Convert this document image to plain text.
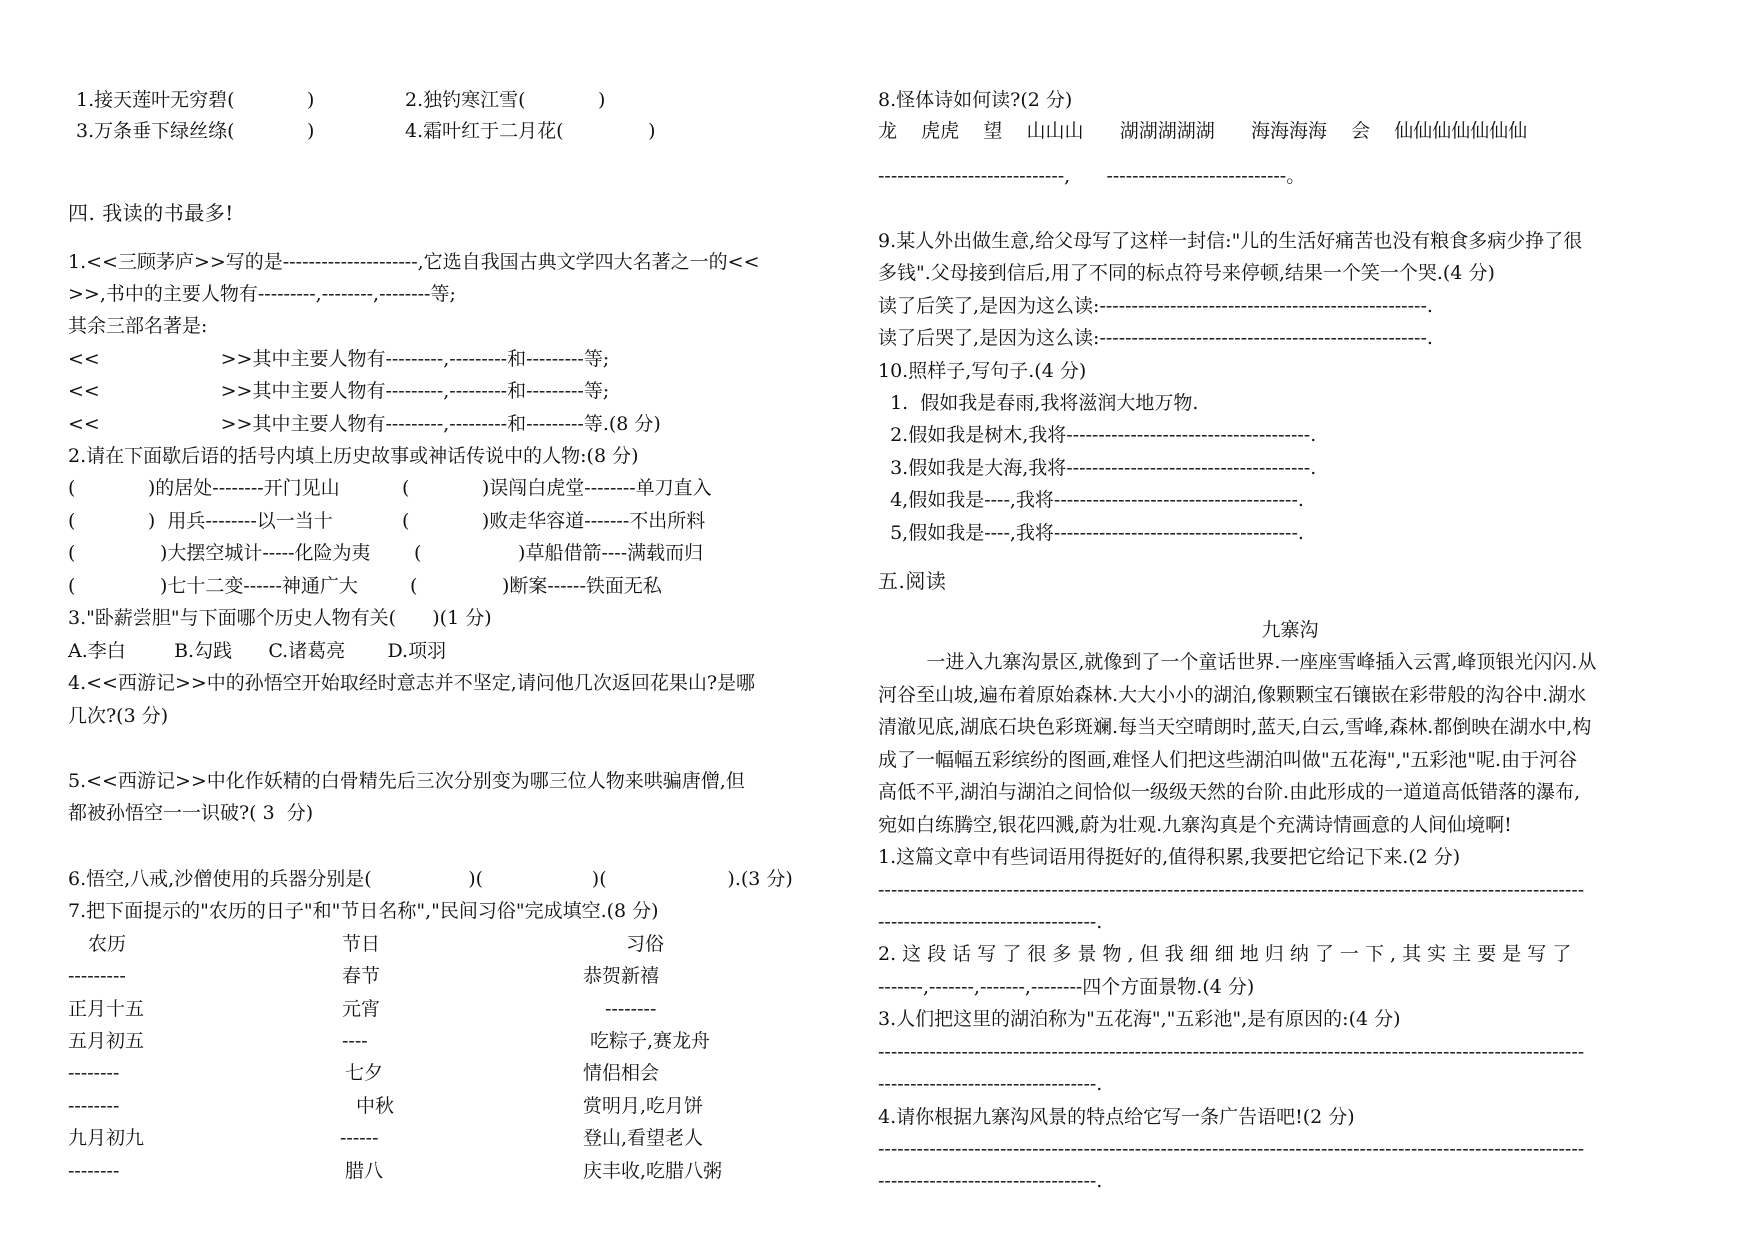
1.接天莲叶无穷碧(            )	2.独钓寒江雪(            )
3.万条垂下绿丝绦(            )	4.霜叶红于二月花(              )
四. 我读的书最多!
1.<<三顾茅庐>>写的是---------------------,它选自我国古典文学四大名著之一的<<
>>,书中的主要人物有---------,--------,--------等;
其余三部名著是:
<<                    >>其中主要人物有---------,---------和---------等;
<<                    >>其中主要人物有---------,---------和---------等;
<<                    >>其中主要人物有---------,---------和---------等.(8 分)
2.请在下面歇后语的括号内填上历史故事或神话传说中的人物:(8 分)
(            )的居处--------开门见山	(            )误闯白虎堂--------单刀直入
(            )  用兵--------以一当十	(            )败走华容道-------不出所料
(              )大摆空城计-----化险为夷 (                )草船借箭----满载而归
(              )七十二变------神通广大	(              )断案------铁面无私
3."卧薪尝胆"与下面哪个历史人物有关(      )(1 分)
A.李白        B.勾践      C.诸葛亮       D.项羽
4.<<西游记>>中的孙悟空开始取经时意志并不坚定,请问他几次返回花果山?是哪
几次?(3 分)
5.<<西游记>>中化作妖精的白骨精先后三次分别变为哪三位人物来哄骗唐僧,但
都被孙悟空一一识破?( 3  分)
6.悟空,八戒,沙僧使用的兵器分别是(                )(                  )(                    ).(3 分)
7.把下面提示的"农历的日子"和"节日名称","民间习俗"完成填空.(8 分)
农历	节日	习俗
---------	春节	恭贺新禧
正月十五	元宵	--------
五月初五	----	吃粽子,赛龙舟
--------	七夕	情侣相会
--------	中秋	赏明月,吃月饼
九月初九	------	登山,看望老人
--------	腊八	庆丰收,吃腊八粥
8.怪体诗如何读?(2 分)
龙    虎虎    望    山山山      湖湖湖湖湖      海海海海    会    仙仙仙仙仙仙仙
-----------------------------,      ----------------------------。
9.某人外出做生意,给父母写了这样一封信:"儿的生活好痛苦也没有粮食多病少挣了很
多钱".父母接到信后,用了不同的标点符号来停顿,结果一个笑一个哭.(4 分)
读了后笑了,是因为这么读:---------------------------------------------------.
读了后哭了,是因为这么读:---------------------------------------------------.
10.照样子,写句子.(4 分)
1.  假如我是春雨,我将滋润大地万物.
2.假如我是树木,我将--------------------------------------.
3.假如我是大海,我将--------------------------------------.
4,假如我是----,我将--------------------------------------.
5,假如我是----,我将--------------------------------------.
五.阅读
九寨沟
一进入九寨沟景区,就像到了一个童话世界.一座座雪峰插入云霄,峰顶银光闪闪.从
河谷至山坡,遍布着原始森林.大大小小的湖泊,像颗颗宝石镶嵌在彩带般的沟谷中.湖水
清澈见底,湖底石块色彩斑斓.每当天空晴朗时,蓝天,白云,雪峰,森林.都倒映在湖水中,构
成了一幅幅五彩缤纷的图画,难怪人们把这些湖泊叫做"五花海","五彩池"呢.由于河谷
高低不平,湖泊与湖泊之间恰似一级级天然的台阶.由此形成的一道道高低错落的瀑布,
宛如白练腾空,银花四溅,蔚为壮观.九寨沟真是个充满诗情画意的人间仙境啊!
1.这篇文章中有些词语用得挺好的,值得积累,我要把它给记下来.(2 分)
--------------------------------------------------------------------------------------------------------------
----------------------------------.
2. 这 段 话 写 了 很 多 景 物 , 但 我 细 细 地 归 纳 了 一 下 , 其 实 主 要 是 写 了
-------,-------,-------,--------四个方面景物.(4 分)
3.人们把这里的湖泊称为"五花海","五彩池",是有原因的:(4 分)
--------------------------------------------------------------------------------------------------------------
----------------------------------.
4.请你根据九寨沟风景的特点给它写一条广告语吧!(2 分)
--------------------------------------------------------------------------------------------------------------
----------------------------------.
